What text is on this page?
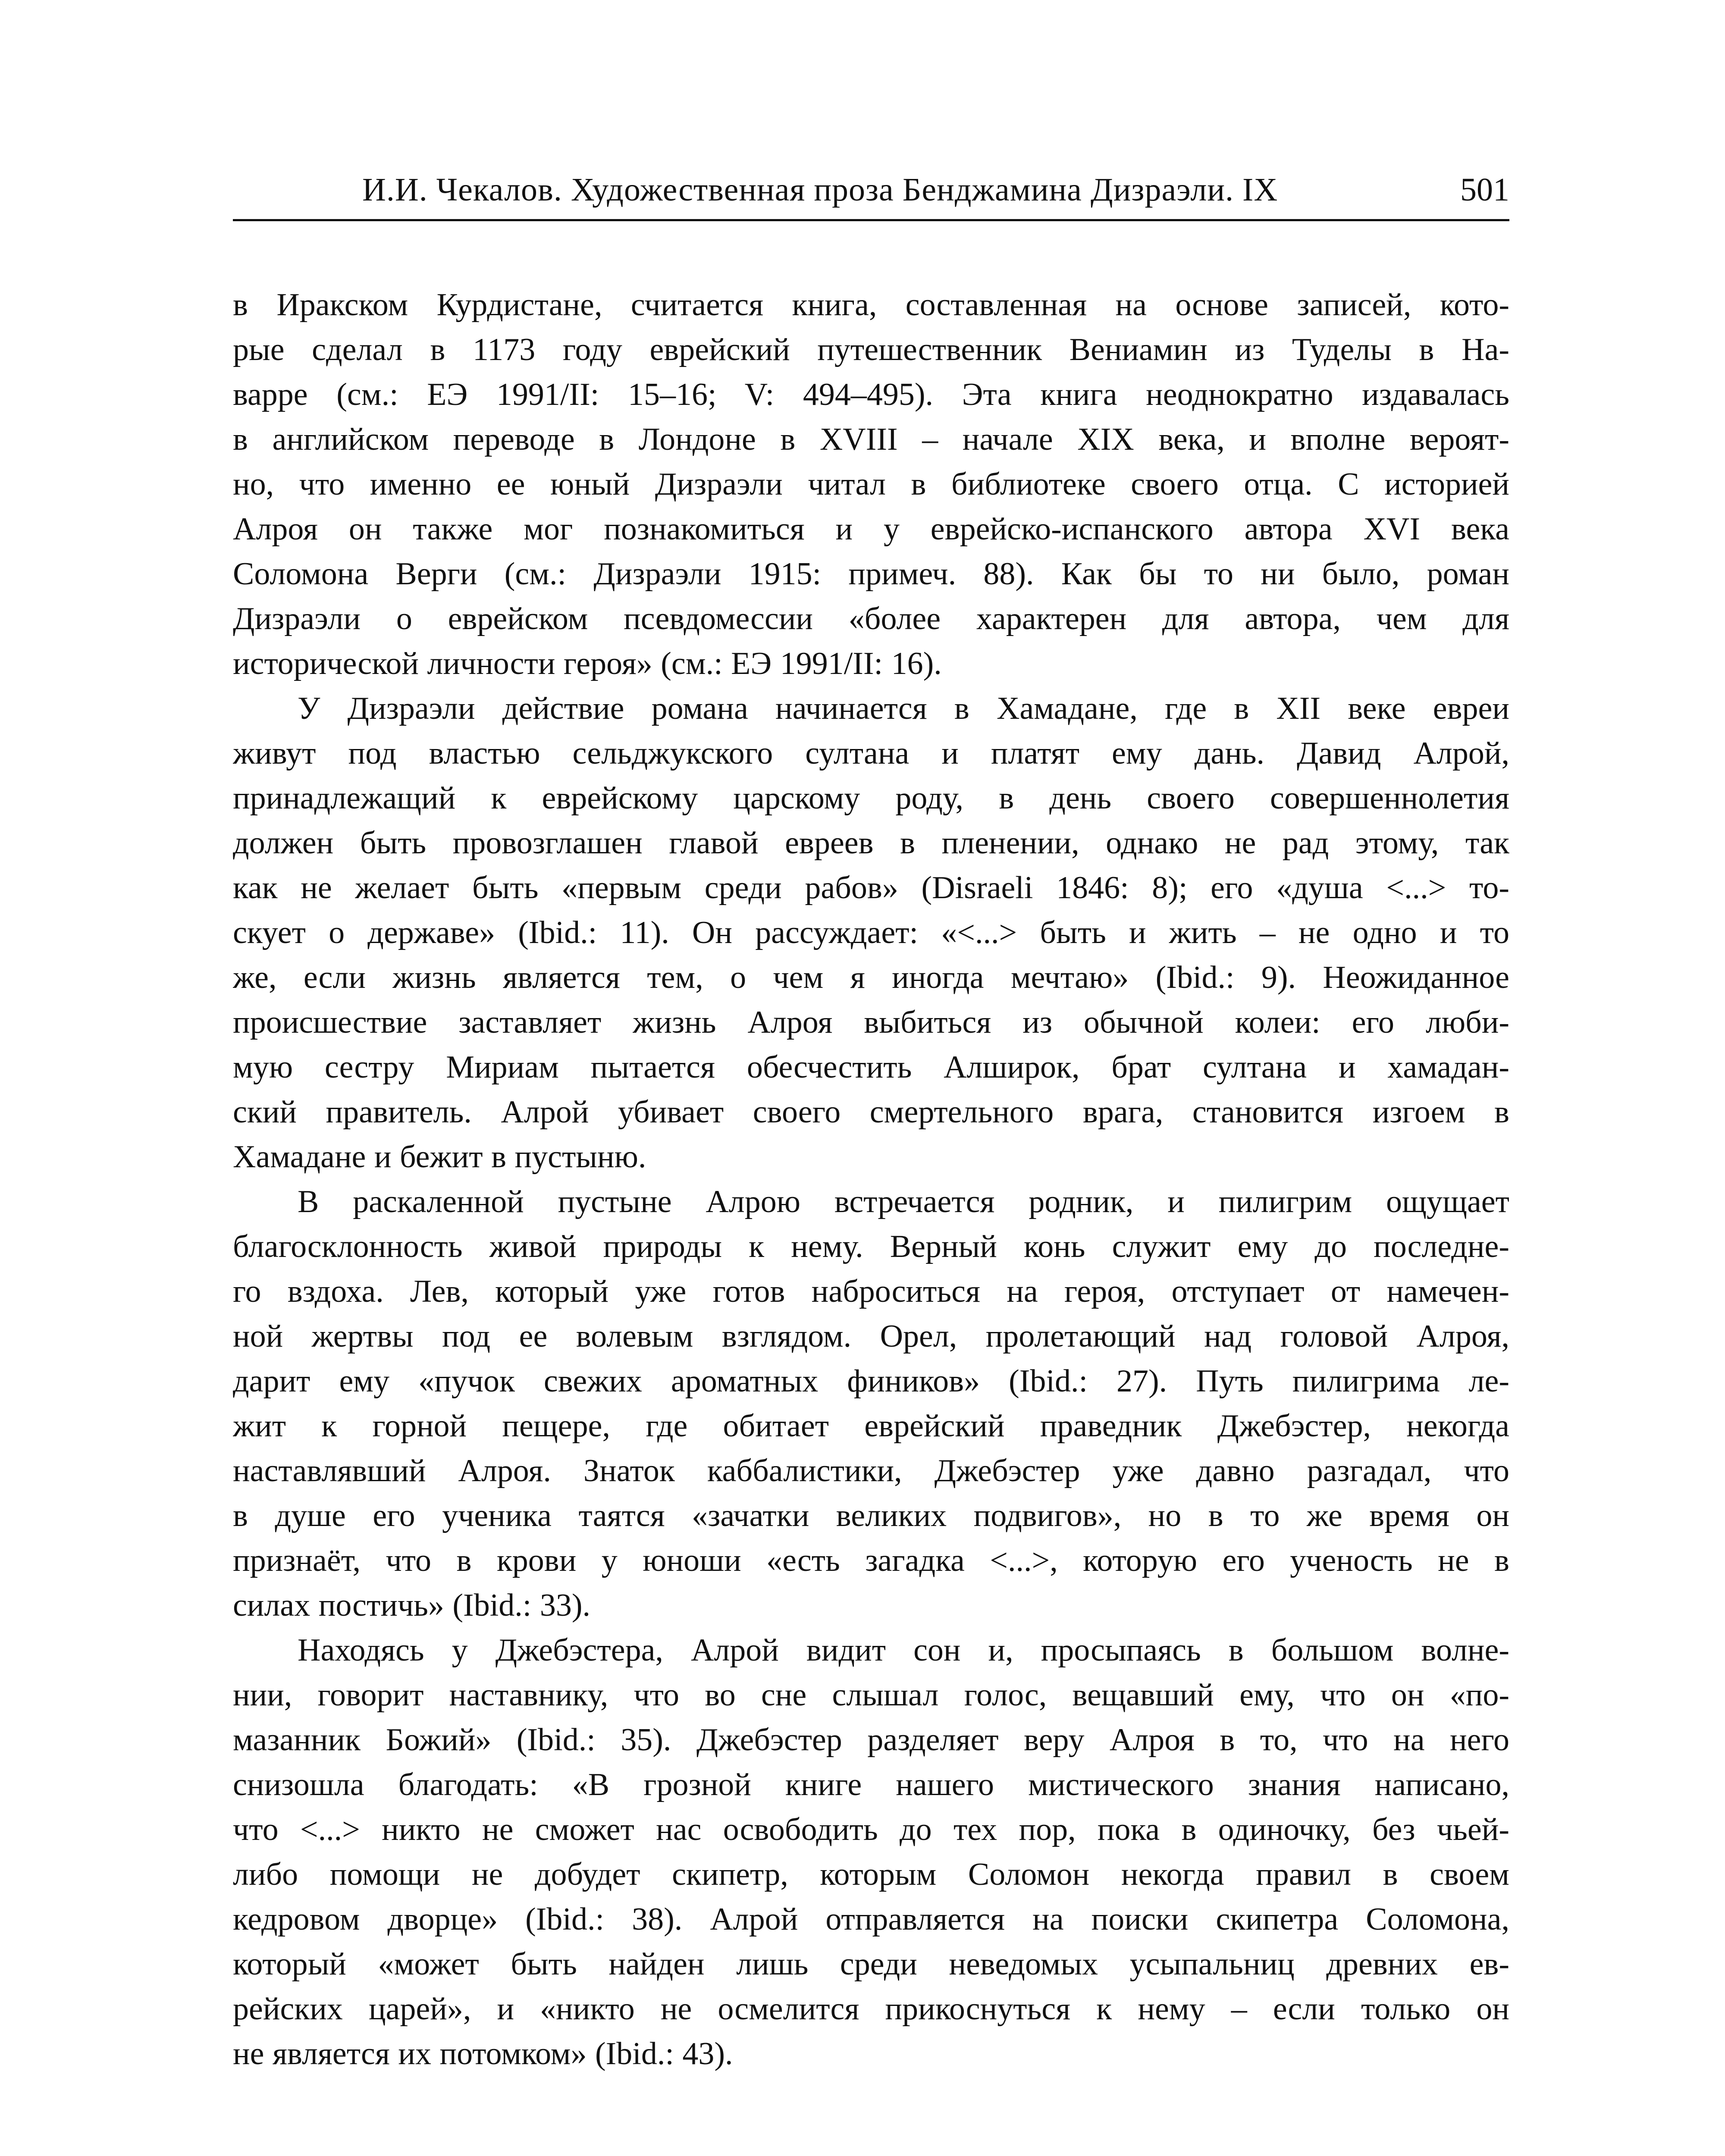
И.И. Чекалов. Художественная проза Бенджамина Дизраэли. IX	501
в Иракском Курдистане, считается книга, составленная на основе записей, кото-
рые сделал в 1173 году еврейский путешественник Вениамин из Туделы в На-
варре (см.: ЕЭ 1991/II: 15–16; V: 494–495). Эта книга неоднократно издавалась
в английском переводе в Лондоне в XVIII – начале XIX века, и вполне вероят-
но, что именно ее юный Дизраэли читал в библиотеке своего отца. С историей
Алроя он также мог познакомиться и у еврейско-испанского автора XVI века
Соломона Верги (см.: Дизраэли 1915: примеч. 88). Как бы то ни было, роман
Дизраэли о еврейском псевдомессии «более характерен для автора, чем для
исторической личности героя» (см.: ЕЭ 1991/II: 16).
У Дизраэли действие романа начинается в Хамадане, где в XII веке евреи
живут под властью сельджукского султана и платят ему дань. Давид Алрой,
принадлежащий к еврейскому царскому роду, в день своего совершеннолетия
должен быть провозглашен главой евреев в пленении, однако не рад этому, так
как не желает быть «первым среди рабов» (Disraeli 1846: 8); его «душа <...> то-
скует о державе» (Ibid.: 11). Он рассуждает: «<...> быть и жить – не одно и то
же, если жизнь является тем, о чем я иногда мечтаю» (Ibid.: 9). Неожиданное
происшествие заставляет жизнь Алроя выбиться из обычной колеи: его люби-
мую сестру Мириам пытается обесчестить Алширок, брат султана и хамадан-
ский правитель. Алрой убивает своего смертельного врага, становится изгоем в
Хамадане и бежит в пустыню.
В раскаленной пустыне Алрою встречается родник, и пилигрим ощущает
благосклонность живой природы к нему. Верный конь служит ему до последне-
го вздоха. Лев, который уже готов наброситься на героя, отступает от намечен-
ной жертвы под ее волевым взглядом. Орел, пролетающий над головой Алроя,
дарит ему «пучок свежих ароматных фиников» (Ibid.: 27). Путь пилигрима ле-
жит к горной пещере, где обитает еврейский праведник Джебэстер, некогда
наставлявший Алроя. Знаток каббалистики, Джебэстер уже давно разгадал, что
в душе его ученика таятся «зачатки великих подвигов», но в то же время он
признаёт, что в крови у юноши «есть загадка <...>, которую его ученость не в
силах постичь» (Ibid.: 33).
Находясь у Джебэстера, Алрой видит сон и, просыпаясь в большом волне-
нии, говорит наставнику, что во сне слышал голос, вещавший ему, что он «по-
мазанник Божий» (Ibid.: 35). Джебэстер разделяет веру Алроя в то, что на него
снизошла благодать: «В грозной книге нашего мистического знания написано,
что <...> никто не сможет нас освободить до тех пор, пока в одиночку, без чьей-
либо помощи не добудет скипетр, которым Соломон некогда правил в своем
кедровом дворце» (Ibid.: 38). Алрой отправляется на поиски скипетра Соломона,
который «может быть найден лишь среди неведомых усыпальниц древних ев-
рейских царей», и «никто не осмелится прикоснуться к нему – если только он
не является их потомком» (Ibid.: 43).
